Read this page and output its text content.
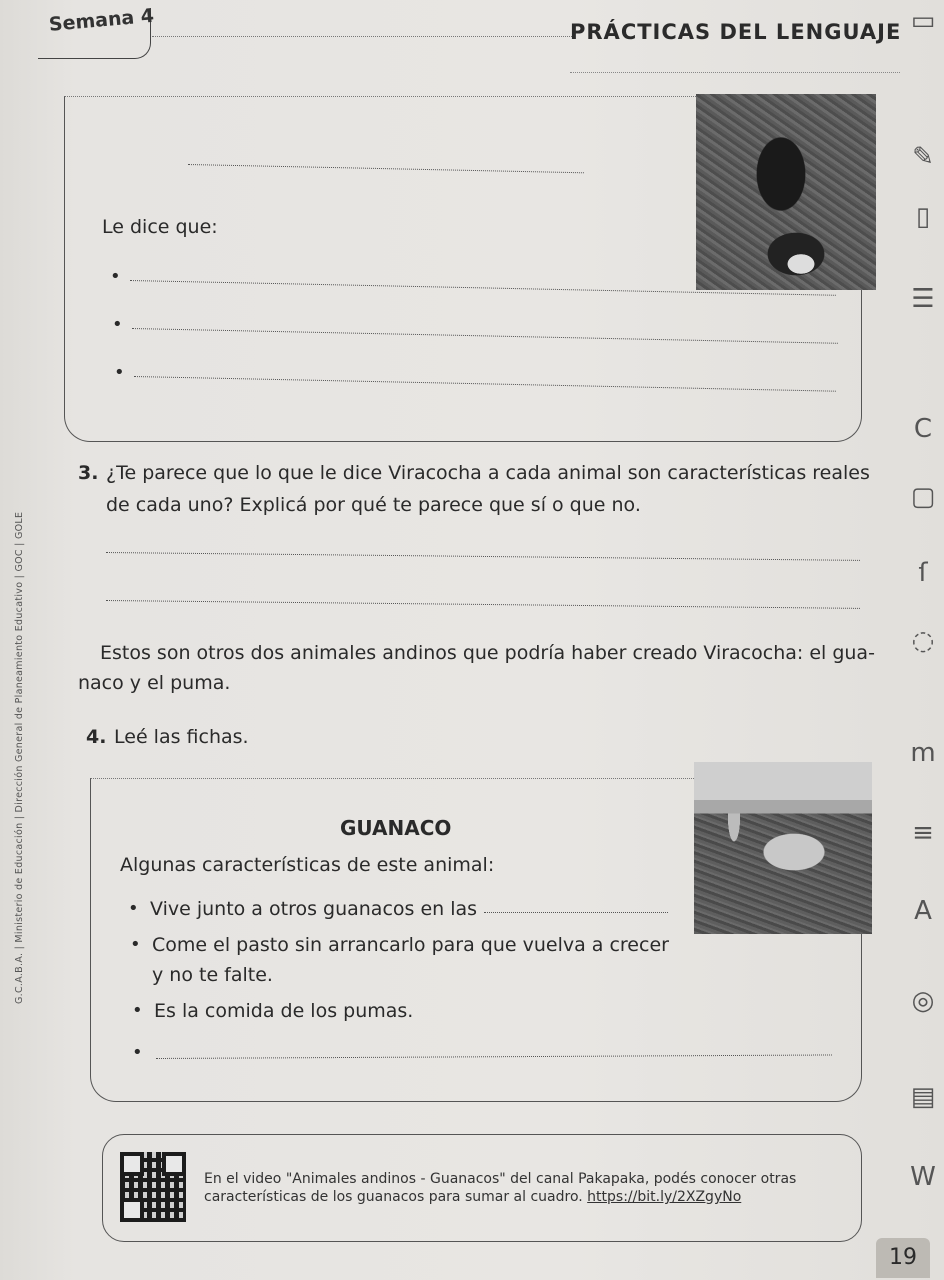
Semana 4	PRÁCTICAS DEL LENGUAJE
G.C.A.B.A. | Ministerio de Educación | Dirección General de Planeamiento Educativo | GOC | GOLE
Le dice que:
•
•
•
3. ¿Te parece que lo que le dice Viracocha a cada animal son características reales
de cada uno? Explicá por qué te parece que sí o que no.
Estos son otros dos animales andinos que podría haber creado Viracocha: el gua-
naco y el puma.
4. Leé las fichas.
GUANACO
Algunas características de este animal:
• Vive junto a otros guanacos en las
• Come el pasto sin arrancarlo para que vuelva a crecer
y no te falte.
• Es la comida de los pumas.
•
En el video "Animales andinos - Guanacos" del canal Pakapaka, podés conocer otras
características de los guanacos para sumar al cuadro. https://bit.ly/2XZgyNo
▭
✎
▯
☰
C
▢
ſ
◌
m
≡
A
◎
▤
W
19
